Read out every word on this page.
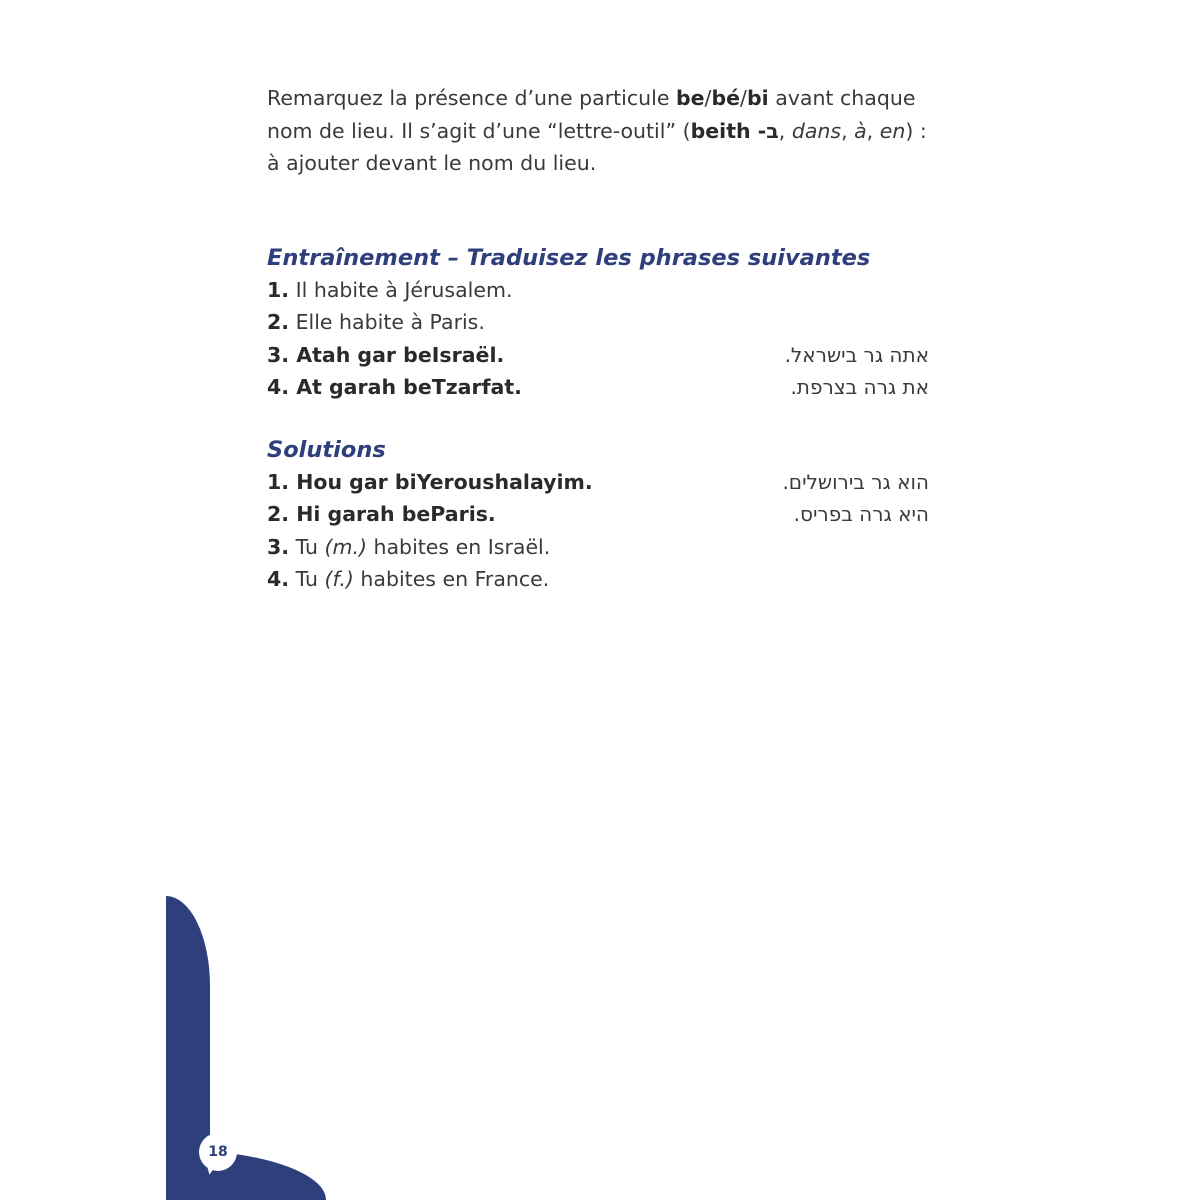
Remarquez la présence d’une particule be/bé/bi avant chaque nom de lieu. Il s’agit d’une “lettre-outil” (beith -ב, dans, à, en) : à ajouter devant le nom du lieu.

Entraînement – Traduisez les phrases suivantes
1. Il habite à Jérusalem.
2. Elle habite à Paris.
3. Atah gar beIsraël.	אתה גר בישראל.
4. At garah beTzarfat.	את גרה בצרפת.
Solutions
1. Hou gar biYeroushalayim.	הוא גר בירושלים.
2. Hi garah beParis.	היא גרה בפריס.
3. Tu (m.) habites en Israël.
4. Tu (f.) habites en France.
18
